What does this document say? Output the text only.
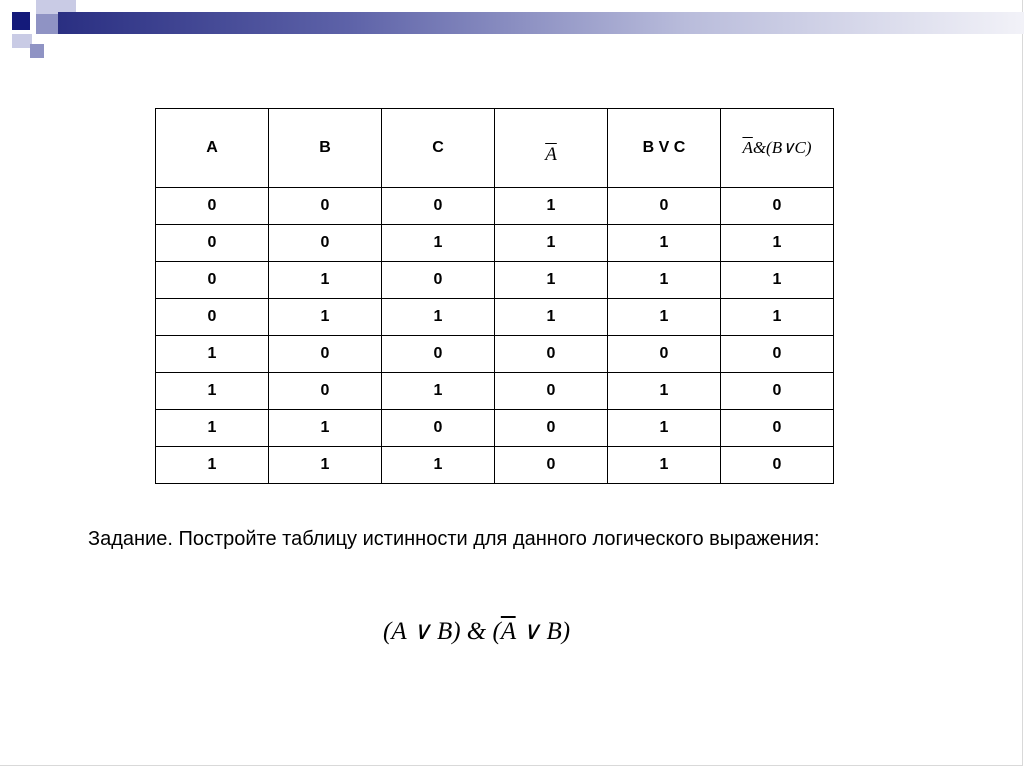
A	B	C	$\overline{A}$	B V C	$\overline{A}\&(B\vee C)$
0	0	0	1	0	0
0	0	1	1	1	1
0	1	0	1	1	1
0	1	1	1	1	1
1	0	0	0	0	0
1	0	1	0	1	0
1	1	0	0	1	0
1	1	1	0	1	0
Задание. Постройте таблицу истинности для данного логического выражения:
(A ∨ B) & ($\overline{A}$ ∨ B)
